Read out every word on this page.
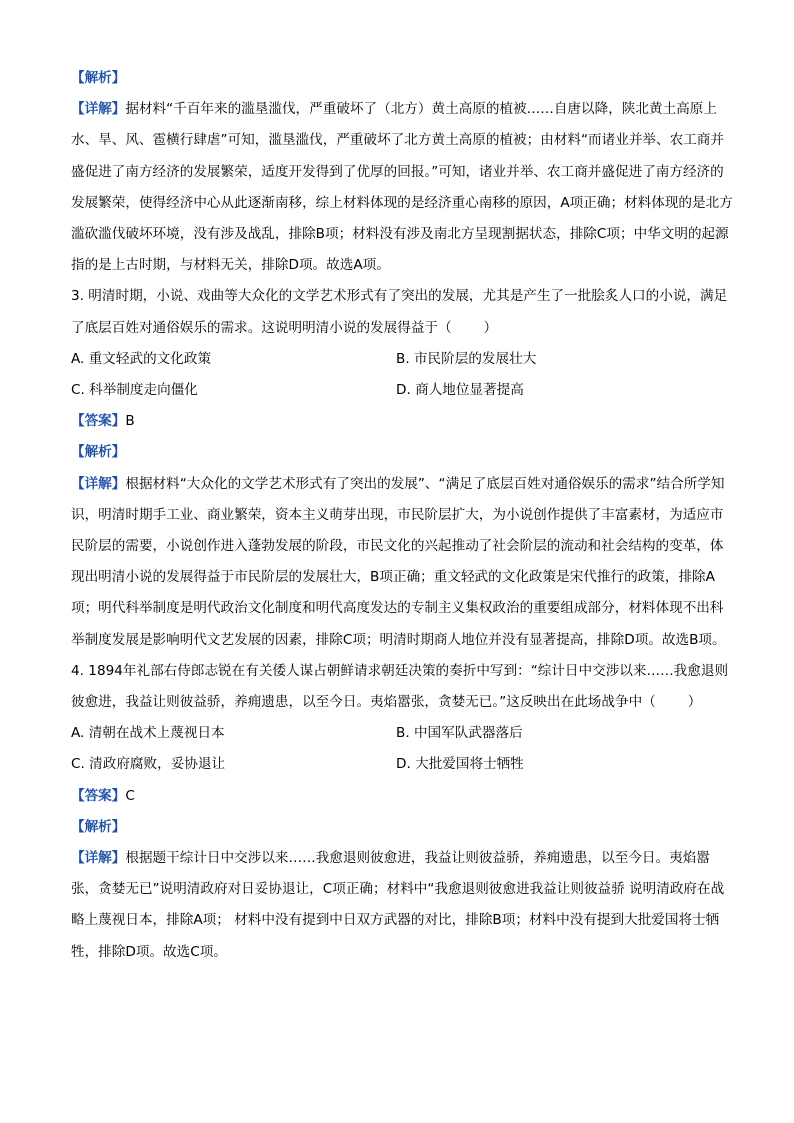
【解析】

【详解】据材料“千百年来的滥垦滥伐，严重破坏了（北方）黄土高原的植被……自唐以降，陕北黄土高原上水、旱、风、雹横行肆虐”可知，滥垦滥伐，严重破坏了北方黄土高原的植被；由材料“而诸业并举、农工商并盛促进了南方经济的发展繁荣，适度开发得到了优厚的回报。”可知，诸业并举、农工商并盛促进了南方经济的发展繁荣，使得经济中心从此逐渐南移，综上材料体现的是经济重心南移的原因，A项正确；材料体现的是北方滥砍滥伐破坏环境，没有涉及战乱，排除B项；材料没有涉及南北方呈现割据状态，排除C项；中华文明的起源指的是上古时期，与材料无关，排除D项。故选A项。

3. 明清时期，小说、戏曲等大众化的文学艺术形式有了突出的发展，尤其是产生了一批脍炙人口的小说，满足了底层百姓对通俗娱乐的需求。这说明明清小说的发展得益于（ ）

A. 重文轻武的文化政策	B. 市民阶层的发展壮大
C. 科举制度走向僵化	D. 商人地位显著提高

【答案】B

【解析】

【详解】根据材料“大众化的文学艺术形式有了突出的发展”、“满足了底层百姓对通俗娱乐的需求”结合所学知识，明清时期手工业、商业繁荣，资本主义萌芽出现，市民阶层扩大，为小说创作提供了丰富素材，为适应市民阶层的需要，小说创作进入蓬勃发展的阶段，市民文化的兴起推动了社会阶层的流动和社会结构的变革，体现出明清小说的发展得益于市民阶层的发展壮大，B项正确；重文轻武的文化政策是宋代推行的政策，排除A项；明代科举制度是明代政治文化制度和明代高度发达的专制主义集权政治的重要组成部分，材料体现不出科举制度发展是影响明代文艺发展的因素，排除C项；明清时期商人地位并没有显著提高，排除D项。故选B项。

4. 1894年礼部右侍郎志锐在有关倭人谋占朝鲜请求朝廷决策的奏折中写到：“综计日中交涉以来……我愈退则彼愈进，我益让则彼益骄，养痈遗患，以至今日。夷焰嚣张，贪婪无已。”这反映出在此场战争中（ ）

A. 清朝在战术上蔑视日本	B. 中国军队武器落后
C. 清政府腐败，妥协退让	D. 大批爱国将士牺牲

【答案】C

【解析】

【详解】根据题干综计日中交涉以来……我愈退则彼愈进，我益让则彼益骄，养痈遗患，以至今日。夷焰嚣张，贪婪无已”说明清政府对日妥协退让，C项正确；材料中“我愈退则彼愈进我益让则彼益骄 说明清政府在战略上蔑视日本，排除A项； 材料中没有提到中日双方武器的对比，排除B项；材料中没有提到大批爱国将士牺牲，排除D项。故选C项。
